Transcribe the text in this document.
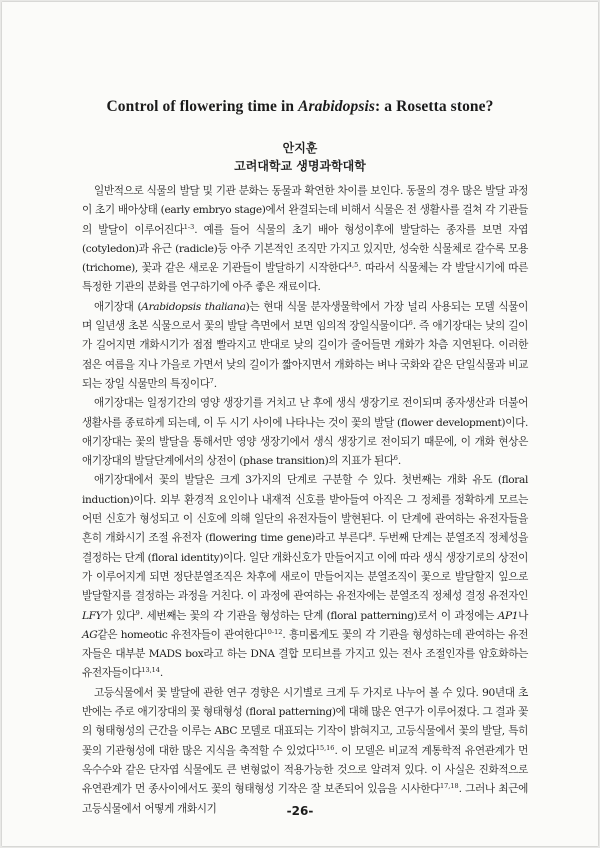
Control of flowering time in Arabidopsis: a Rosetta stone?
안지훈
고려대학교 생명과학대학

일반적으로 식물의 발달 및 기관 분화는 동물과 확연한 차이를 보인다. 동물의 경우 많은 발달 과정이 초기 배아상태 (early embryo stage)에서 완결되는데 비해서 식물은 전 생활사를 걸쳐 각 기관들의 발달이 이루어진다$^{1-3}$. 예를 들어 식물의 초기 배아 형성이후에 발달하는 종자를 보면 자엽 (cotyledon)과 유근 (radicle)등 아주 기본적인 조직만 가지고 있지만, 성숙한 식물체로 갈수록 모용 (trichome), 꽃과 같은 새로운 기관들이 발달하기 시작한다$^{4,5}$. 따라서 식물체는 각 발달시기에 따른 특정한 기관의 분화를 연구하기에 아주 좋은 재료이다.

애기장대 (Arabidopsis thaliana)는 현대 식물 분자생물학에서 가장 널리 사용되는 모델 식물이며 일년생 초본 식물으로서 꽃의 발달 측면에서 보면 임의적 장일식물이다$^6$. 즉 애기장대는 낮의 길이가 길어지면 개화시기가 점점 빨라지고 반대로 낮의 길이가 줄어들면 개화가 차츰 지연된다. 이러한 점은 여름을 지나 가을로 가면서 낮의 길이가 짧아지면서 개화하는 벼나 국화와 같은 단일식물과 비교되는 장일 식물만의 특징이다$^7$.

애기장대는 일정기간의 영양 생장기를 거치고 난 후에 생식 생장기로 전이되며 종자생산과 더불어 생활사를 종료하게 되는데, 이 두 시기 사이에 나타나는 것이 꽃의 발달 (flower development)이다. 애기장대는 꽃의 발달을 통해서만 영양 생장기에서 생식 생장기로 전이되기 때문에, 이 개화 현상은 애기장대의 발달단계에서의 상전이 (phase transition)의 지표가 된다$^6$.

애기장대에서 꽃의 발달은 크게 3가지의 단계로 구분할 수 있다. 첫번째는 개화 유도 (floral induction)이다. 외부 환경적 요인이나 내재적 신호를 받아들여 아직은 그 정체를 정확하게 모르는 어떤 신호가 형성되고 이 신호에 의해 일단의 유전자들이 발현된다. 이 단계에 관여하는 유전자들을 흔히 개화시기 조절 유전자 (flowering time gene)라고 부른다$^8$. 두번째 단계는 분열조직 정체성을 결정하는 단계 (floral identity)이다. 일단 개화신호가 만들어지고 이에 따라 생식 생장기로의 상전이가 이루어지게 되면 정단분열조직은 차후에 새로이 만들어지는 분열조직이 꽃으로 발달할지 잎으로 발달할지를 결정하는 과정을 거친다. 이 과정에 관여하는 유전자에는 분열조직 정체성 결정 유전자인 LFY가 있다$^9$. 세번째는 꽃의 각 기관을 형성하는 단계 (floral patterning)로서 이 과정에는 AP1나 AG같은 homeotic 유전자들이 관여한다$^{10-12}$. 흥미롭게도 꽃의 각 기관을 형성하는데 관여하는 유전자들은 대부분 MADS box라고 하는 DNA 결합 모티브를 가지고 있는 전사 조절인자를 암호화하는 유전자들이다$^{13,14}$.

고등식물에서 꽃 발달에 관한 연구 경향은 시기별로 크게 두 가지로 나누어 볼 수 있다. 90년대 초반에는 주로 애기장대의 꽃 형태형성 (floral patterning)에 대해 많은 연구가 이루어졌다. 그 결과 꽃의 형태형성의 근간을 이루는 ABC 모델로 대표되는 기작이 밝혀지고, 고등식물에서 꽃의 발달, 특히 꽃의 기관형성에 대한 많은 지식을 축적할 수 있었다$^{15,16}$. 이 모델은 비교적 계통학적 유연관계가 먼 옥수수와 같은 단자엽 식물에도 큰 변형없이 적용가능한 것으로 알려져 있다. 이 사실은 진화적으로 유연관계가 먼 종사이에서도 꽃의 형태형성 기작은 잘 보존되어 있음을 시사한다$^{17,18}$. 그러나 최근에 고등식물에서 어떻게 개화시기	-26-
